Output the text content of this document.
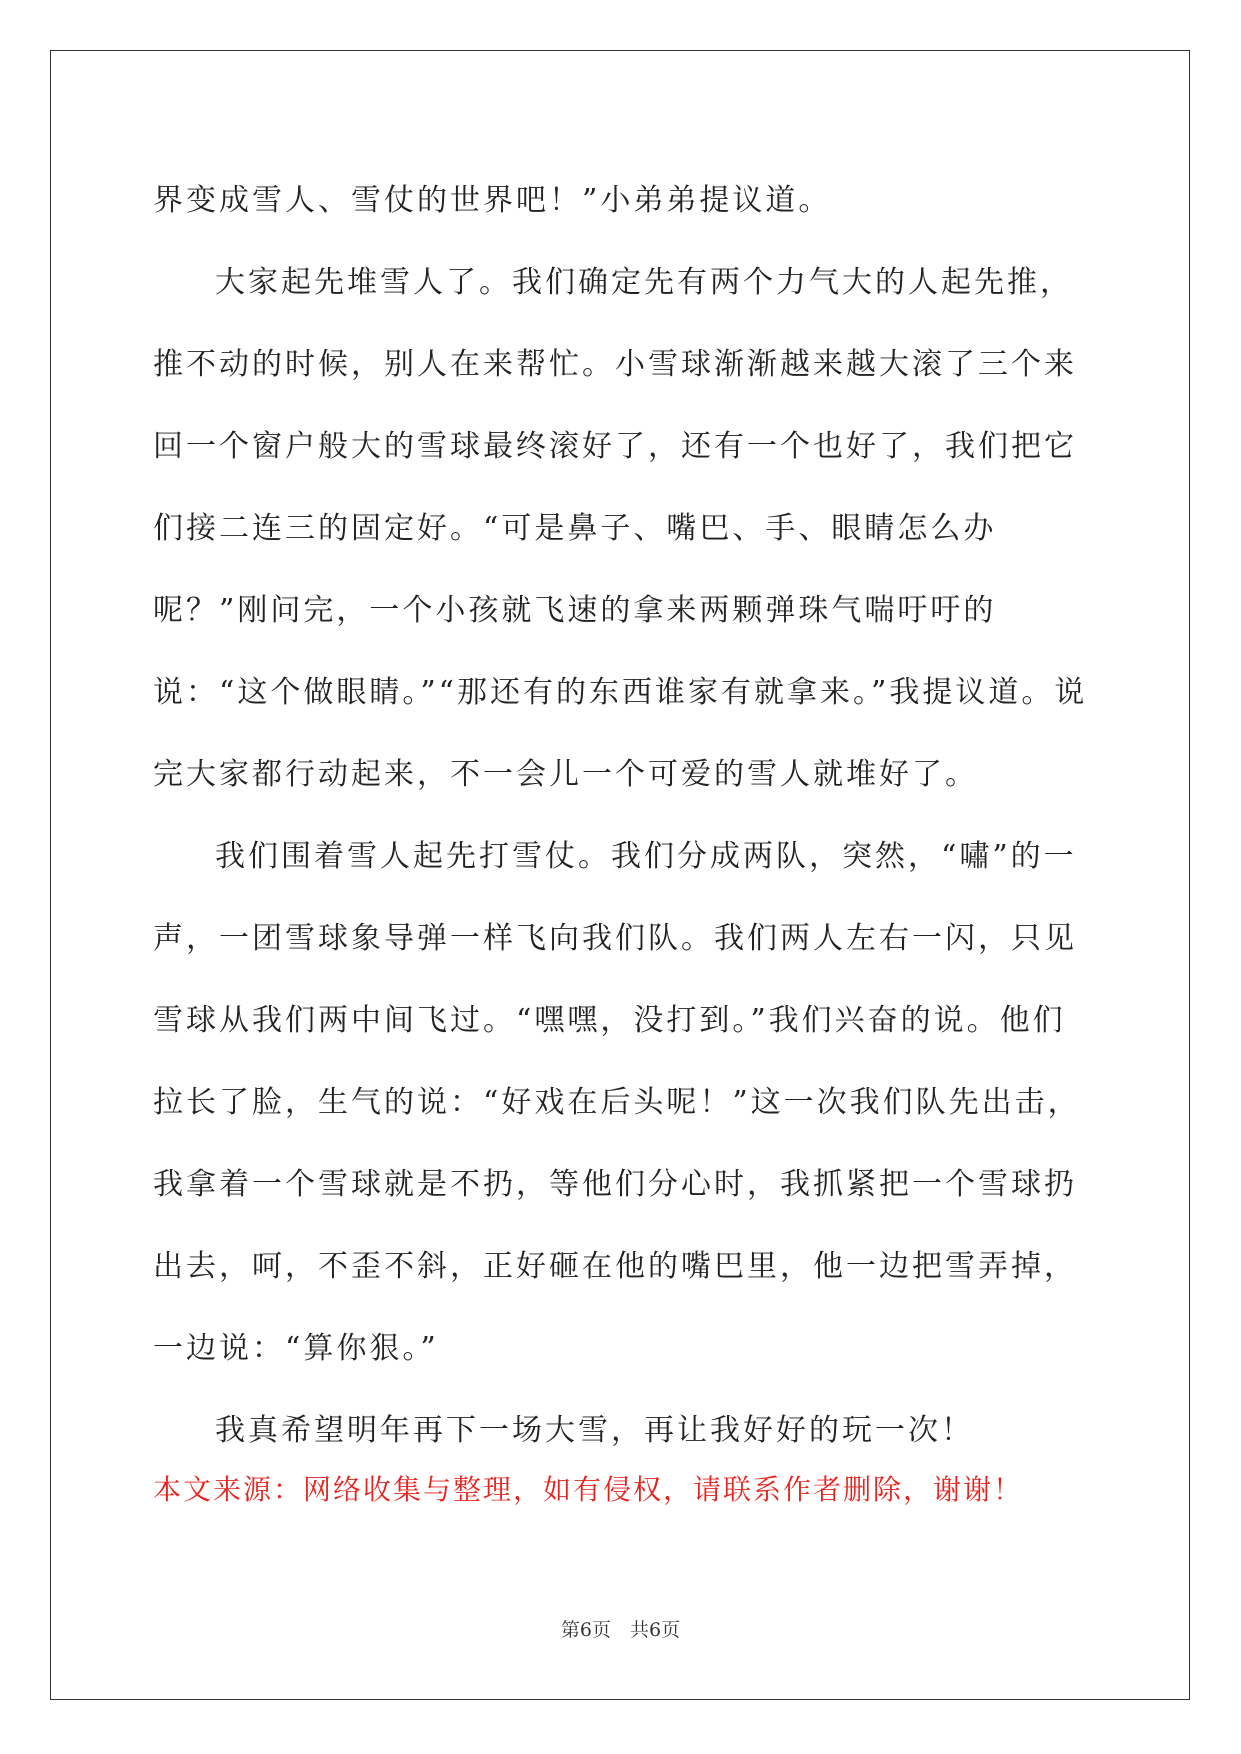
界变成雪人、雪仗的世界吧！”小弟弟提议道。

大家起先堆雪人了。我们确定先有两个力气大的人起先推，推不动的时候，别人在来帮忙。小雪球渐渐越来越大滚了三个来回一个窗户般大的雪球最终滚好了，还有一个也好了，我们把它们接二连三的固定好。“可是鼻子、嘴巴、手、眼睛怎么办呢？”刚问完，一个小孩就飞速的拿来两颗弹珠气喘吁吁的说：“这个做眼睛。”“那还有的东西谁家有就拿来。”我提议道。说完大家都行动起来，不一会儿一个可爱的雪人就堆好了。

我们围着雪人起先打雪仗。我们分成两队，突然，“嘯”的一声，一团雪球象导弹一样飞向我们队。我们两人左右一闪，只见雪球从我们两中间飞过。“嘿嘿，没打到。”我们兴奋的说。他们拉长了脸，生气的说：“好戏在后头呢！”这一次我们队先出击，我拿着一个雪球就是不扔，等他们分心时，我抓紧把一个雪球扔出去，呵，不歪不斜，正好砸在他的嘴巴里，他一边把雪弄掉，一边说：“算你狠。”

我真希望明年再下一场大雪，再让我好好的玩一次！

本文来源：网络收集与整理，如有侵权，请联系作者删除，谢谢！
第6页　共6页
